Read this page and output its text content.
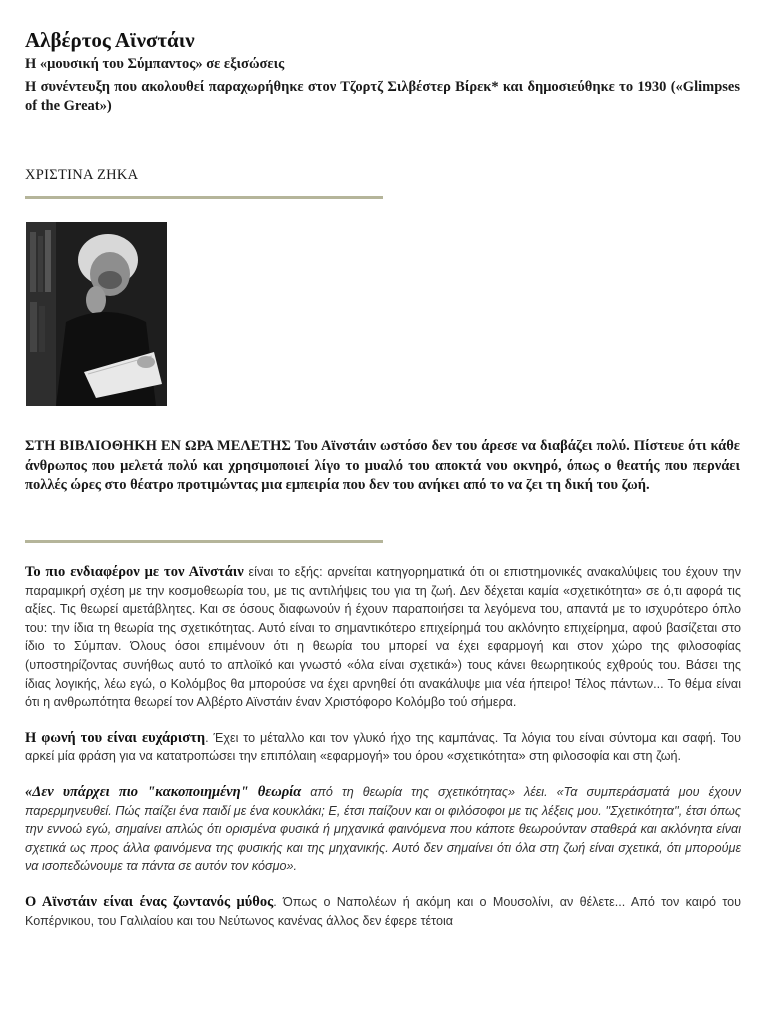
Αλβέρτος Αϊνστάιν

Η «μουσική του Σύμπαντος» σε εξισώσεις

Η συνέντευξη που ακολουθεί παραχωρήθηκε στον Τζορτζ Σιλβέστερ Βίρεκ* και δημοσιεύθηκε το 1930 («Glimpses of the Great»)

ΧΡΙΣΤΙΝΑ ΖΗΚΑ

ΣΤΗ ΒΙΒΛΙΟΘΗΚΗ ΕΝ ΩΡΑ ΜΕΛΕΤΗΣ Του Αϊνστάιν ωστόσο δεν του άρεσε να διαβάζει πολύ. Πίστευε ότι κάθε άνθρωπος που μελετά πολύ και χρησιμοποιεί λίγο το μυαλό του αποκτά νου οκνηρό, όπως ο θεατής που περνάει πολλές ώρες στο θέατρο προτιμώντας μια εμπειρία που δεν του ανήκει από το να ζει τη δική του ζωή.

Το πιο ενδιαφέρον με τον Αϊνστάιν είναι το εξής: αρνείται κατηγορηματικά ότι οι επιστημονικές ανακαλύψεις του έχουν την παραμικρή σχέση με την κοσμοθεωρία του, με τις αντιλήψεις του για τη ζωή. Δεν δέχεται καμία «σχετικότητα» σε ό,τι αφορά τις αξίες. Τις θεωρεί αμετάβλητες. Και σε όσους διαφωνούν ή έχουν παραποιήσει τα λεγόμενα του, απαντά με το ισχυρότερο όπλο του: την ίδια τη θεωρία της σχετικότητας. Αυτό είναι το σημαντικότερο επιχείρημά του ακλόνητο επιχείρημα, αφού βασίζεται στο ίδιο το Σύμπαν. Όλους όσοι επιμένουν ότι η θεωρία του μπορεί να έχει εφαρμογή και στον χώρο της φιλοσοφίας (υποστηρίζοντας συνήθως αυτό το απλοϊκό και γνωστό «όλα είναι σχετικά») τους κάνει θεωρητικούς εχθρούς του. Βάσει της ίδιας λογικής, λέω εγώ, ο Κολόμβος θα μπορούσε να έχει αρνηθεί ότι ανακάλυψε μια νέα ήπειρο! Τέλος πάντων... Το θέμα είναι ότι η ανθρωπότητα θεωρεί τον Αλβέρτο Αϊνστάιν έναν Χριστόφορο Κολόμβο τού σήμερα.

Η φωνή του είναι ευχάριστη. Έχει το μέταλλο και τον γλυκό ήχο της καμπάνας. Τα λόγια του είναι σύντομα και σαφή. Του αρκεί μία φράση για να κατατροπώσει την επιπόλαιη «εφαρμογή» του όρου «σχετικότητα» στη φιλοσοφία και στη ζωή.

«Δεν υπάρχει πιο "κακοποιημένη" θεωρία από τη θεωρία της σχετικότητας» λέει. «Τα συμπεράσματά μου έχουν παρερμηνευθεί. Πώς παίζει ένα παιδί με ένα κουκλάκι; Ε, έτσι παίζουν και οι φιλόσοφοι με τις λέξεις μου. ''Σχετικότητα'', έτσι όπως την εννοώ εγώ, σημαίνει απλώς ότι ορισμένα φυσικά ή μηχανικά φαινόμενα που κάποτε θεωρούνταν σταθερά και ακλόνητα είναι σχετικά ως προς άλλα φαινόμενα της φυσικής και της μηχανικής. Αυτό δεν σημαίνει ότι όλα στη ζωή είναι σχετικά, ότι μπορούμε να ισοπεδώνουμε τα πάντα σε αυτόν τον κόσμο».

Ο Αϊνστάιν είναι ένας ζωντανός μύθος. Όπως ο Ναπολέων ή ακόμη και ο Μουσολίνι, αν θέλετε... Από τον καιρό του Κοπέρνικου, του Γαλιλαίου και του Νεύτωνος κανένας άλλος δεν έφερε τέτοια
